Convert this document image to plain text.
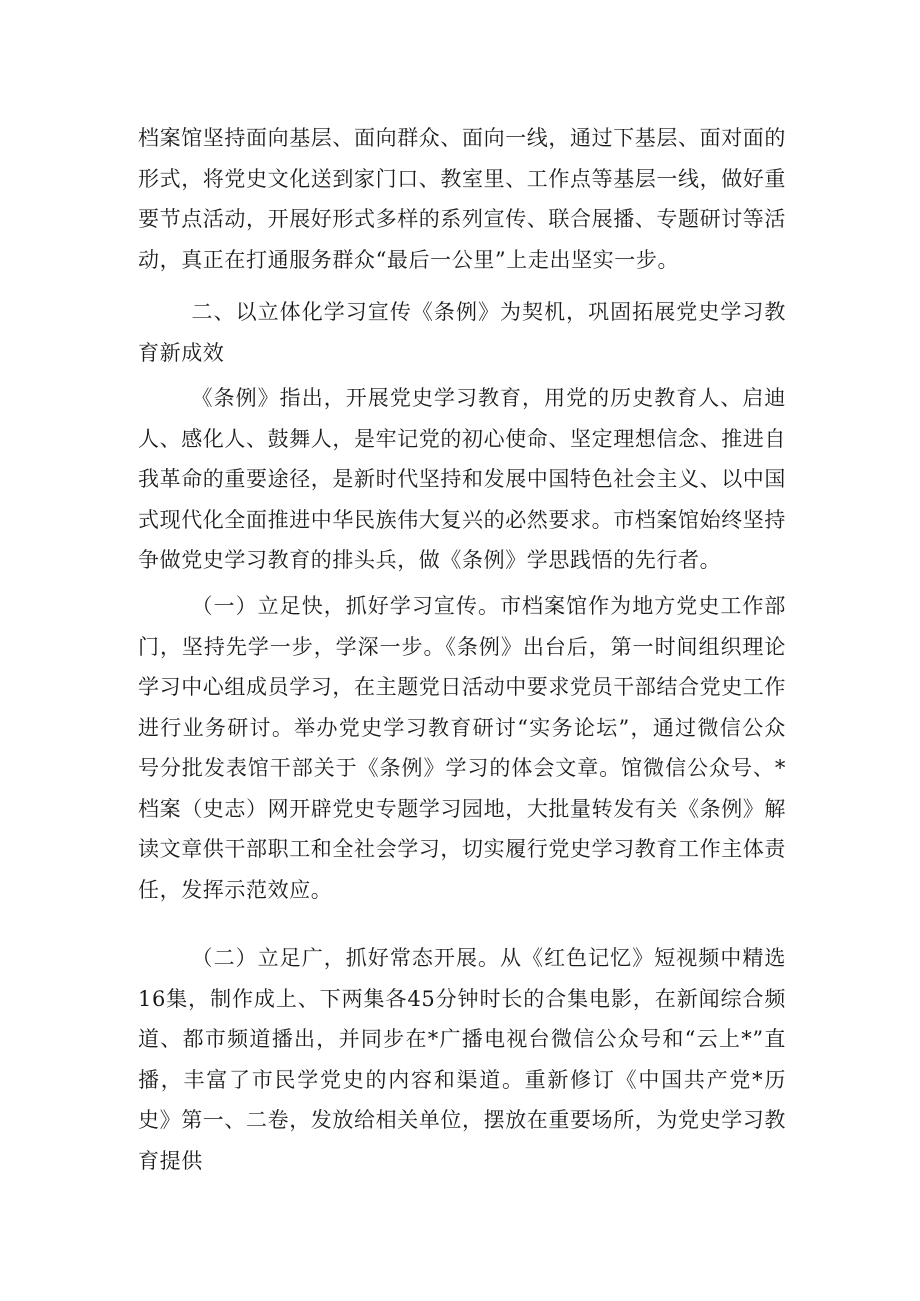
档案馆坚持面向基层、面向群众、面向一线，通过下基层、面对面的形式，将党史文化送到家门口、教室里、工作点等基层一线，做好重要节点活动，开展好形式多样的系列宣传、联合展播、专题研讨等活动，真正在打通服务群众“最后一公里”上走出坚实一步。

二、以立体化学习宣传《条例》为契机，巩固拓展党史学习教育新成效

《条例》指出，开展党史学习教育，用党的历史教育人、启迪人、感化人、鼓舞人，是牢记党的初心使命、坚定理想信念、推进自我革命的重要途径，是新时代坚持和发展中国特色社会主义、以中国式现代化全面推进中华民族伟大复兴的必然要求。市档案馆始终坚持争做党史学习教育的排头兵，做《条例》学思践悟的先行者。

（一）立足快，抓好学习宣传。市档案馆作为地方党史工作部门，坚持先学一步，学深一步。《条例》出台后，第一时间组织理论学习中心组成员学习，在主题党日活动中要求党员干部结合党史工作进行业务研讨。举办党史学习教育研讨“实务论坛”，通过微信公众号分批发表馆干部关于《条例》学习的体会文章。馆微信公众号、*档案（史志）网开辟党史专题学习园地，大批量转发有关《条例》解读文章供干部职工和全社会学习，切实履行党史学习教育工作主体责任，发挥示范效应。

（二）立足广，抓好常态开展。从《红色记忆》短视频中精选16集，制作成上、下两集各45分钟时长的合集电影，在新闻综合频道、都市频道播出，并同步在*广播电视台微信公众号和“云上*”直播，丰富了市民学党史的内容和渠道。重新修订《中国共产党*历史》第一、二卷，发放给相关单位，摆放在重要场所，为党史学习教育提供
